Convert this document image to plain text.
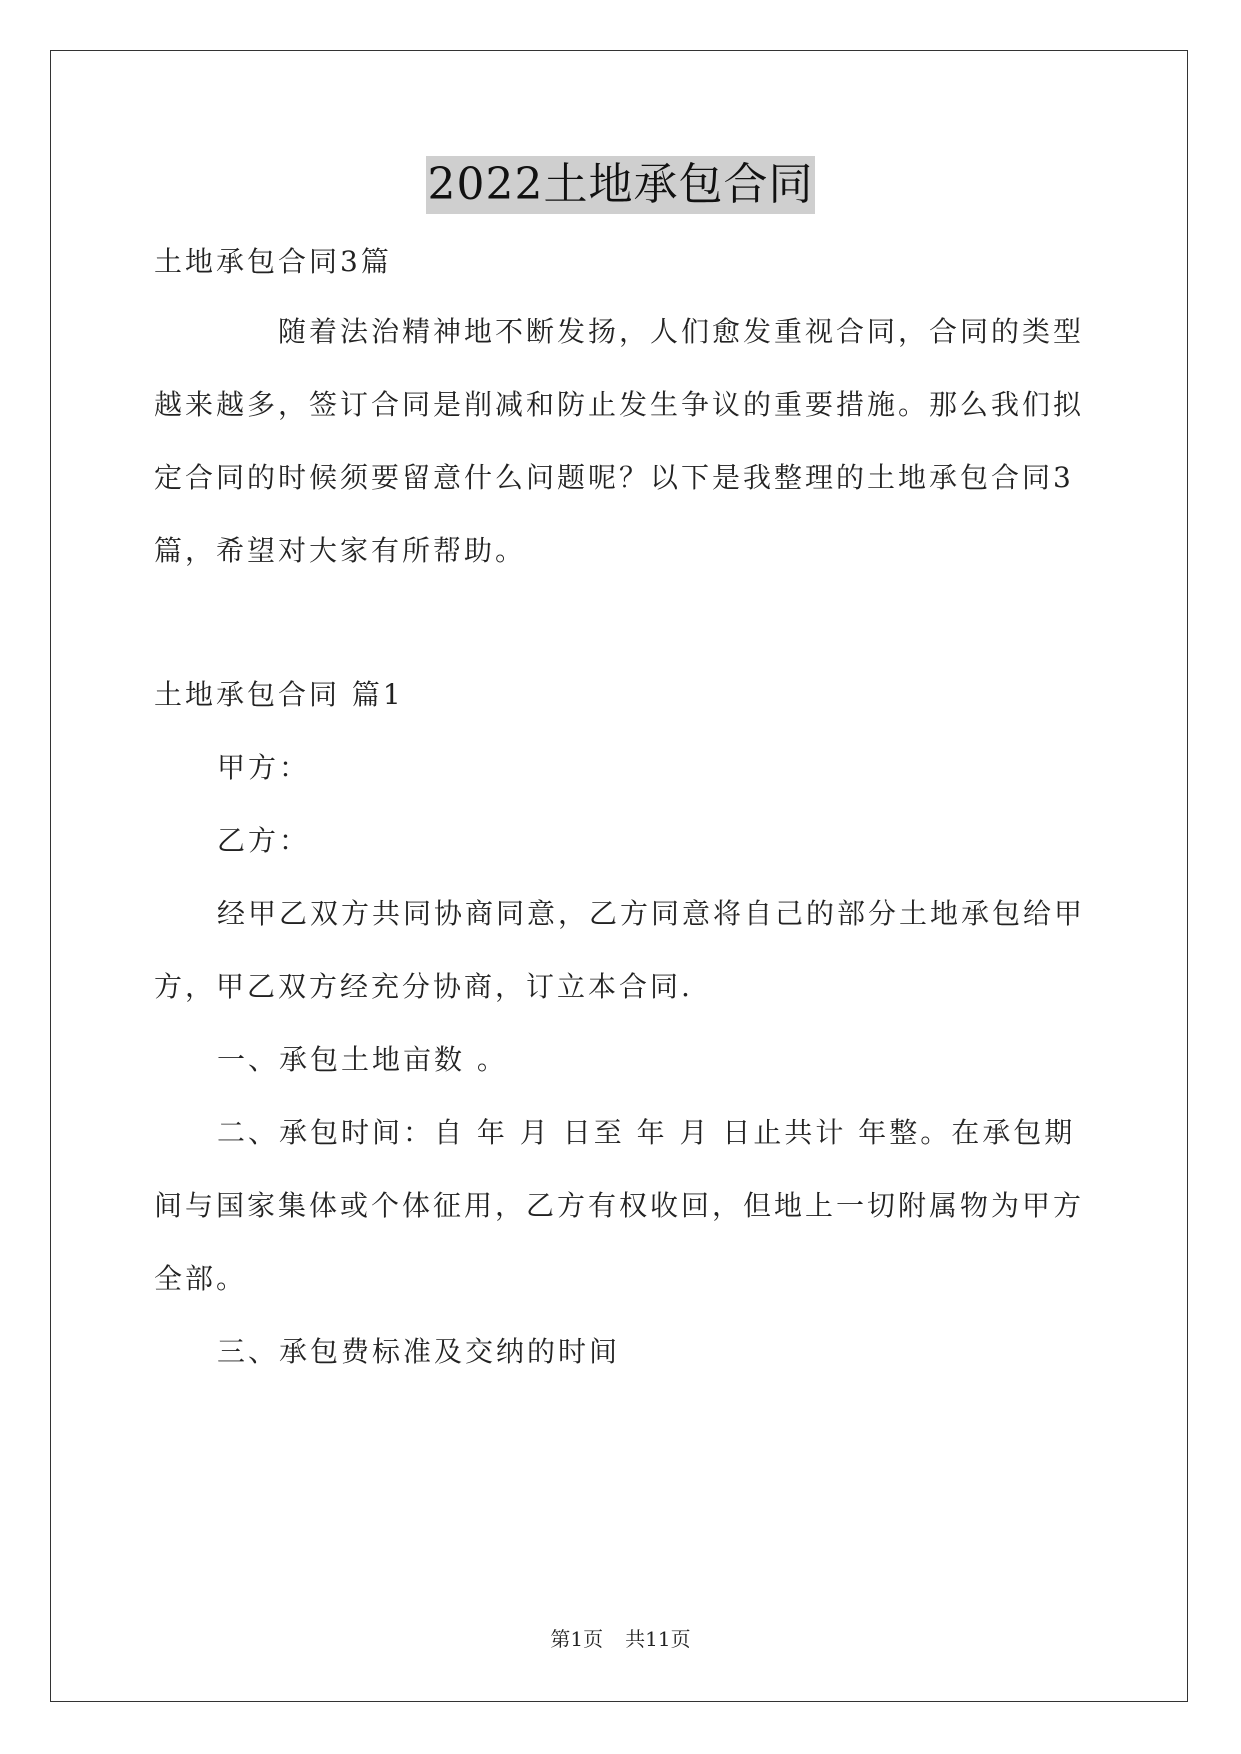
2022土地承包合同
土地承包合同3篇
随着法治精神地不断发扬，人们愈发重视合同，合同的类型
越来越多，签订合同是削减和防止发生争议的重要措施。那么我们拟
定合同的时候须要留意什么问题呢？以下是我整理的土地承包合同3
篇，希望对大家有所帮助。
土地承包合同 篇1
甲方：
乙方：
经甲乙双方共同协商同意，乙方同意将自己的部分土地承包给甲
方，甲乙双方经充分协商，订立本合同.
一、承包土地亩数 。
二、承包时间：自 年 月 日至 年 月 日止共计 年整。在承包期
间与国家集体或个体征用，乙方有权收回，但地上一切附属物为甲方
全部。
三、承包费标准及交纳的时间
第1页 共11页
